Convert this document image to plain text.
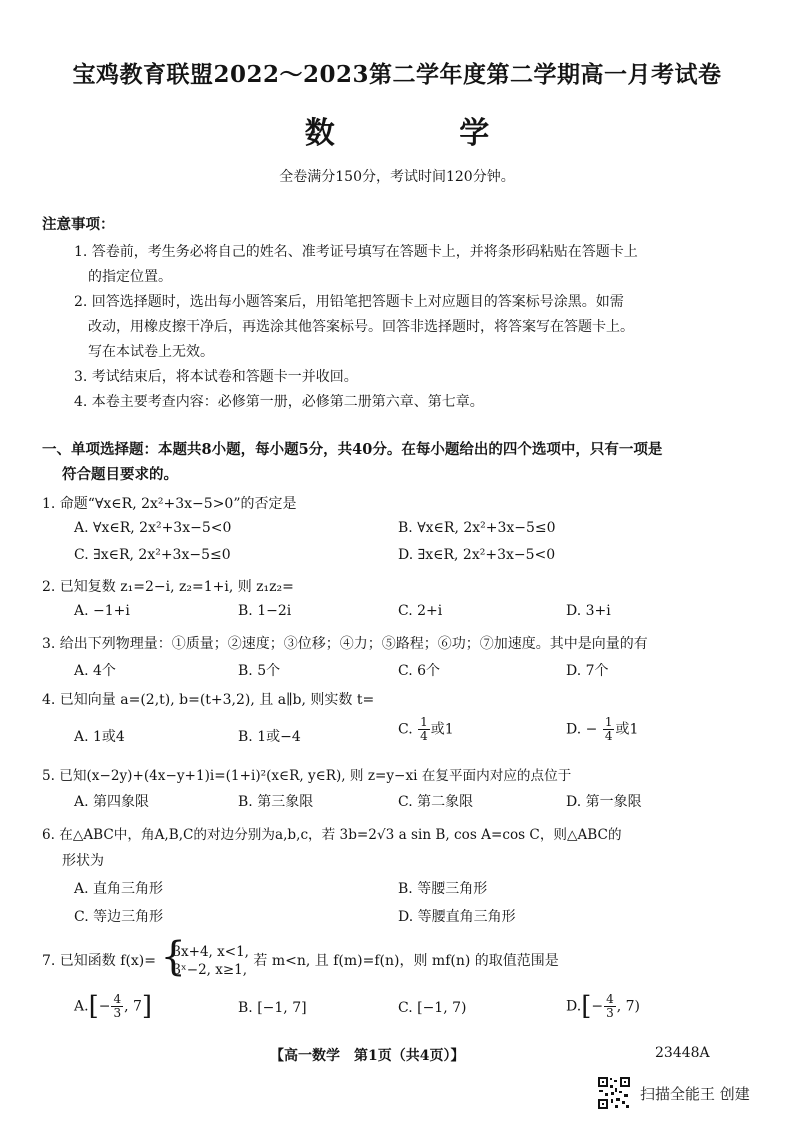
宝鸡教育联盟2022～2023第二学年度第二学期高一月考试卷
数 学
全卷满分150分，考试时间120分钟。
注意事项：
1. 答卷前，考生务必将自己的姓名、准考证号填写在答题卡上，并将条形码粘贴在答题卡上
的指定位置。
2. 回答选择题时，选出每小题答案后，用铅笔把答题卡上对应题目的答案标号涂黑。如需
改动，用橡皮擦干净后，再选涂其他答案标号。回答非选择题时，将答案写在答题卡上。
写在本试卷上无效。
3. 考试结束后，将本试卷和答题卡一并收回。
4. 本卷主要考查内容：必修第一册，必修第二册第六章、第七章。
一、单项选择题：本题共8小题，每小题5分，共40分。在每小题给出的四个选项中，只有一项是
符合题目要求的。
1. 命题“∀x∈R, 2x²+3x−5>0”的否定是
A. ∀x∈R, 2x²+3x−5<0	B. ∀x∈R, 2x²+3x−5≤0
C. ∃x∈R, 2x²+3x−5≤0	D. ∃x∈R, 2x²+3x−5<0
2. 已知复数 z₁=2−i, z₂=1+i, 则 z₁z₂=
A. −1+i	B. 1−2i	C. 2+i	D. 3+i
3. 给出下列物理量：①质量；②速度；③位移；④力；⑤路程；⑥功；⑦加速度。其中是向量的有
A. 4个	B. 5个	C. 6个	D. 7个
4. 已知向量 a=(2,t), b=(t+3,2), 且 a∥b, 则实数 t=
A. 1或4	B. 1或−4	C. $\frac{1}{4}$ 或1	D. − $\frac{1}{4}$ 或1
5. 已知(x−2y)+(4x−y+1)i=(1+i)²(x∈R, y∈R), 则 z=y−xi 在复平面内对应的点位于
A. 第四象限	B. 第三象限	C. 第二象限	D. 第一象限
6. 在△ABC中，角A,B,C的对边分别为a,b,c，若 3b=2√3 a sin B, cos A=cos C，则△ABC的
形状为
A. 直角三角形	B. 等腰三角形
C. 等边三角形	D. 等腰直角三角形
7. 已知函数 f(x)= {
3x+4, x<1,
3ˣ−2, x≥1,
若 m<n, 且 f(m)=f(n)，则 mf(n) 的取值范围是
$A.[- \frac{4}{3}$ , 7]	B. [−1, 7]	C. [−1, 7)	$D.[- \frac{4}{3}$ , 7)
【高一数学　第1页（共4页）】	23448A
扫描全能王 创建
